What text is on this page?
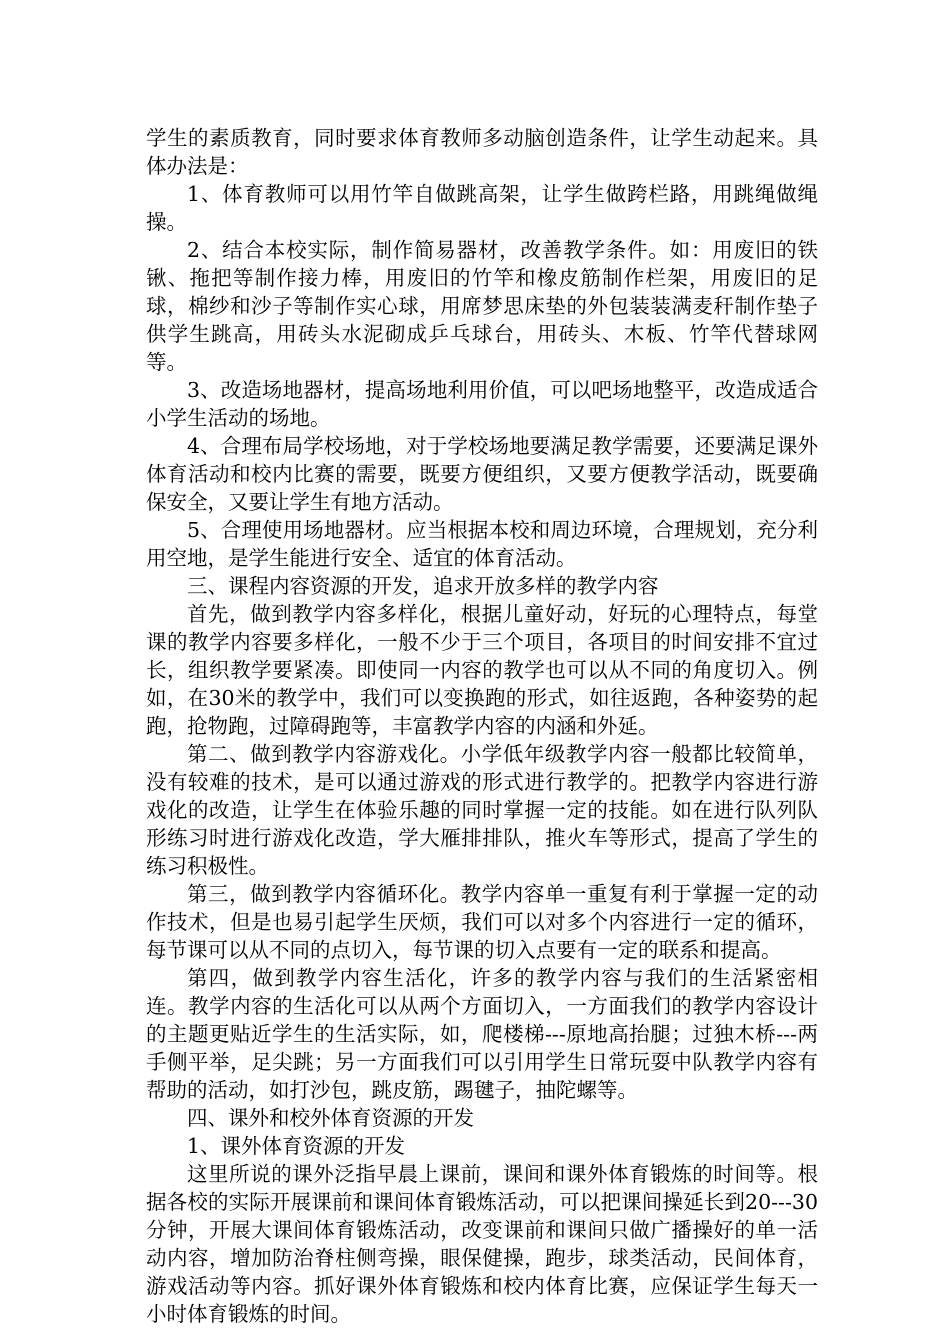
学生的素质教育，同时要求体育教师多动脑创造条件，让学生动起来。具体办法是：

1、体育教师可以用竹竿自做跳高架，让学生做跨栏路，用跳绳做绳操。

2、结合本校实际，制作简易器材，改善教学条件。如：用废旧的铁锹、拖把等制作接力棒，用废旧的竹竿和橡皮筋制作栏架，用废旧的足球，棉纱和沙子等制作实心球，用席梦思床垫的外包装装满麦秆制作垫子供学生跳高，用砖头水泥砌成乒乓球台，用砖头、木板、竹竿代替球网等。

3、改造场地器材，提高场地利用价值，可以吧场地整平，改造成适合小学生活动的场地。

4、合理布局学校场地，对于学校场地要满足教学需要，还要满足课外体育活动和校内比赛的需要，既要方便组织，又要方便教学活动，既要确保安全，又要让学生有地方活动。

5、合理使用场地器材。应当根据本校和周边环境，合理规划，充分利用空地，是学生能进行安全、适宜的体育活动。

三、课程内容资源的开发，追求开放多样的教学内容

首先，做到教学内容多样化，根据儿童好动，好玩的心理特点，每堂课的教学内容要多样化，一般不少于三个项目，各项目的时间安排不宜过长，组织教学要紧凑。即使同一内容的教学也可以从不同的角度切入。例如，在30米的教学中，我们可以变换跑的形式，如往返跑，各种姿势的起跑，抢物跑，过障碍跑等，丰富教学内容的内涵和外延。

第二、做到教学内容游戏化。小学低年级教学内容一般都比较简单，没有较难的技术，是可以通过游戏的形式进行教学的。把教学内容进行游戏化的改造，让学生在体验乐趣的同时掌握一定的技能。如在进行队列队形练习时进行游戏化改造，学大雁排排队，推火车等形式，提高了学生的练习积极性。

第三，做到教学内容循环化。教学内容单一重复有利于掌握一定的动作技术，但是也易引起学生厌烦，我们可以对多个内容进行一定的循环，每节课可以从不同的点切入，每节课的切入点要有一定的联系和提高。

第四，做到教学内容生活化，许多的教学内容与我们的生活紧密相连。教学内容的生活化可以从两个方面切入，一方面我们的教学内容设计的主题更贴近学生的生活实际，如，爬楼梯---原地高抬腿；过独木桥---两手侧平举，足尖跳；另一方面我们可以引用学生日常玩耍中队教学内容有帮助的活动，如打沙包，跳皮筋，踢毽子，抽陀螺等。

四、课外和校外体育资源的开发

1、课外体育资源的开发

这里所说的课外泛指早晨上课前，课间和课外体育锻炼的时间等。根据各校的实际开展课前和课间体育锻炼活动，可以把课间操延长到20---30分钟，开展大课间体育锻炼活动，改变课前和课间只做广播操好的单一活动内容，增加防治脊柱侧弯操，眼保健操，跑步，球类活动，民间体育，游戏活动等内容。抓好课外体育锻炼和校内体育比赛，应保证学生每天一小时体育锻炼的时间。
